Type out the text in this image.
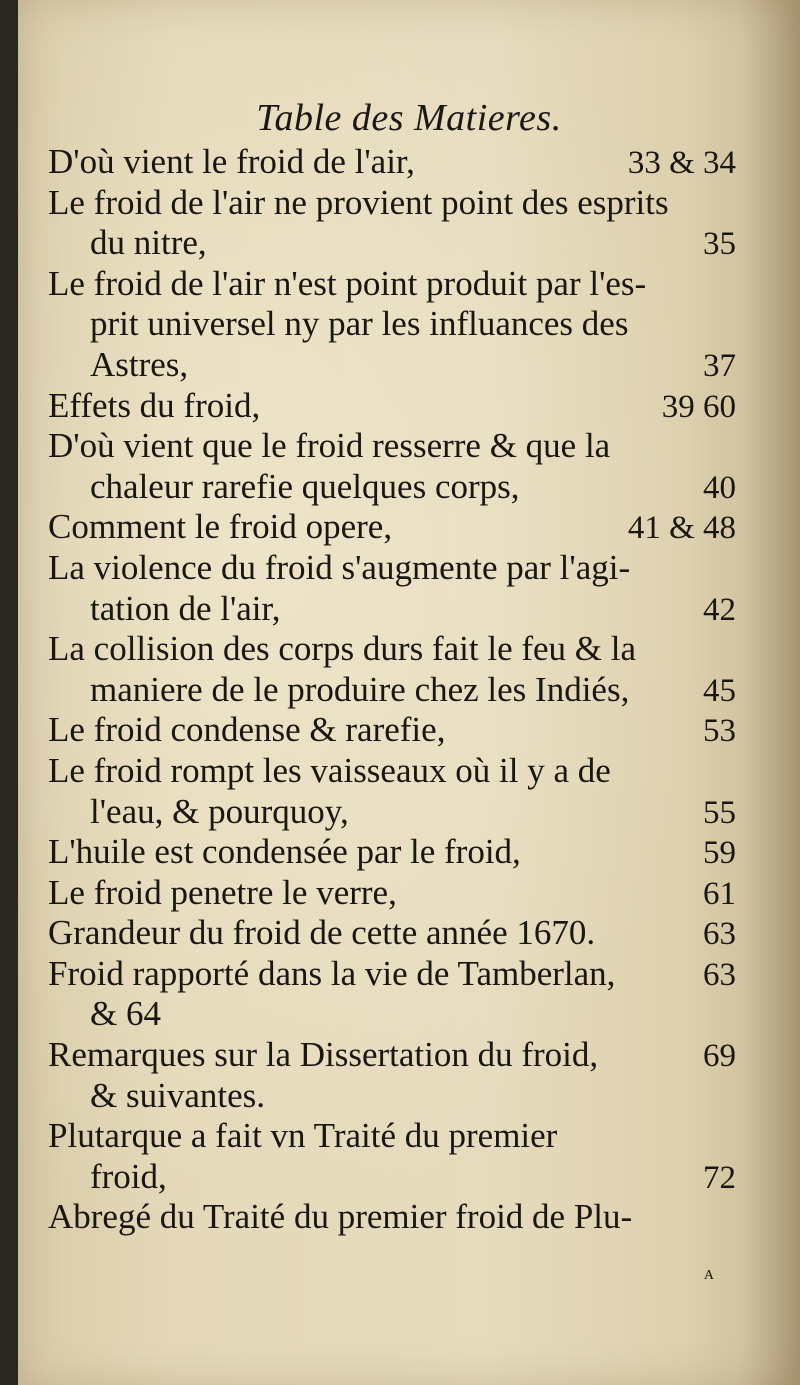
Table des Matieres.
D'où vient le froid de l'air,	33 & 34
Le froid de l'air ne provient point des esprits
du nitre,	35
Le froid de l'air n'est point produit par l'es-
prit universel ny par les influances des
Astres,	37
Effets du froid,	39 60
D'où vient que le froid resserre & que la
chaleur rarefie quelques corps,	40
Comment le froid opere,	41 & 48
La violence du froid s'augmente par l'agi-
tation de l'air,	42
La collision des corps durs fait le feu & la
maniere de le produire chez les Indiés,	45
Le froid condense & rarefie,	53
Le froid rompt les vaisseaux où il y a de
l'eau, & pourquoy,	55
L'huile est condensée par le froid,	59
Le froid penetre le verre,	61
Grandeur du froid de cette année 1670.	63
Froid rapporté dans la vie de Tamberlan,	63
& 64
Remarques sur la Dissertation du froid,	69
& suivantes.
Plutarque a fait vn Traité du premier
froid,	72
Abregé du Traité du premier froid de Plu-
A
